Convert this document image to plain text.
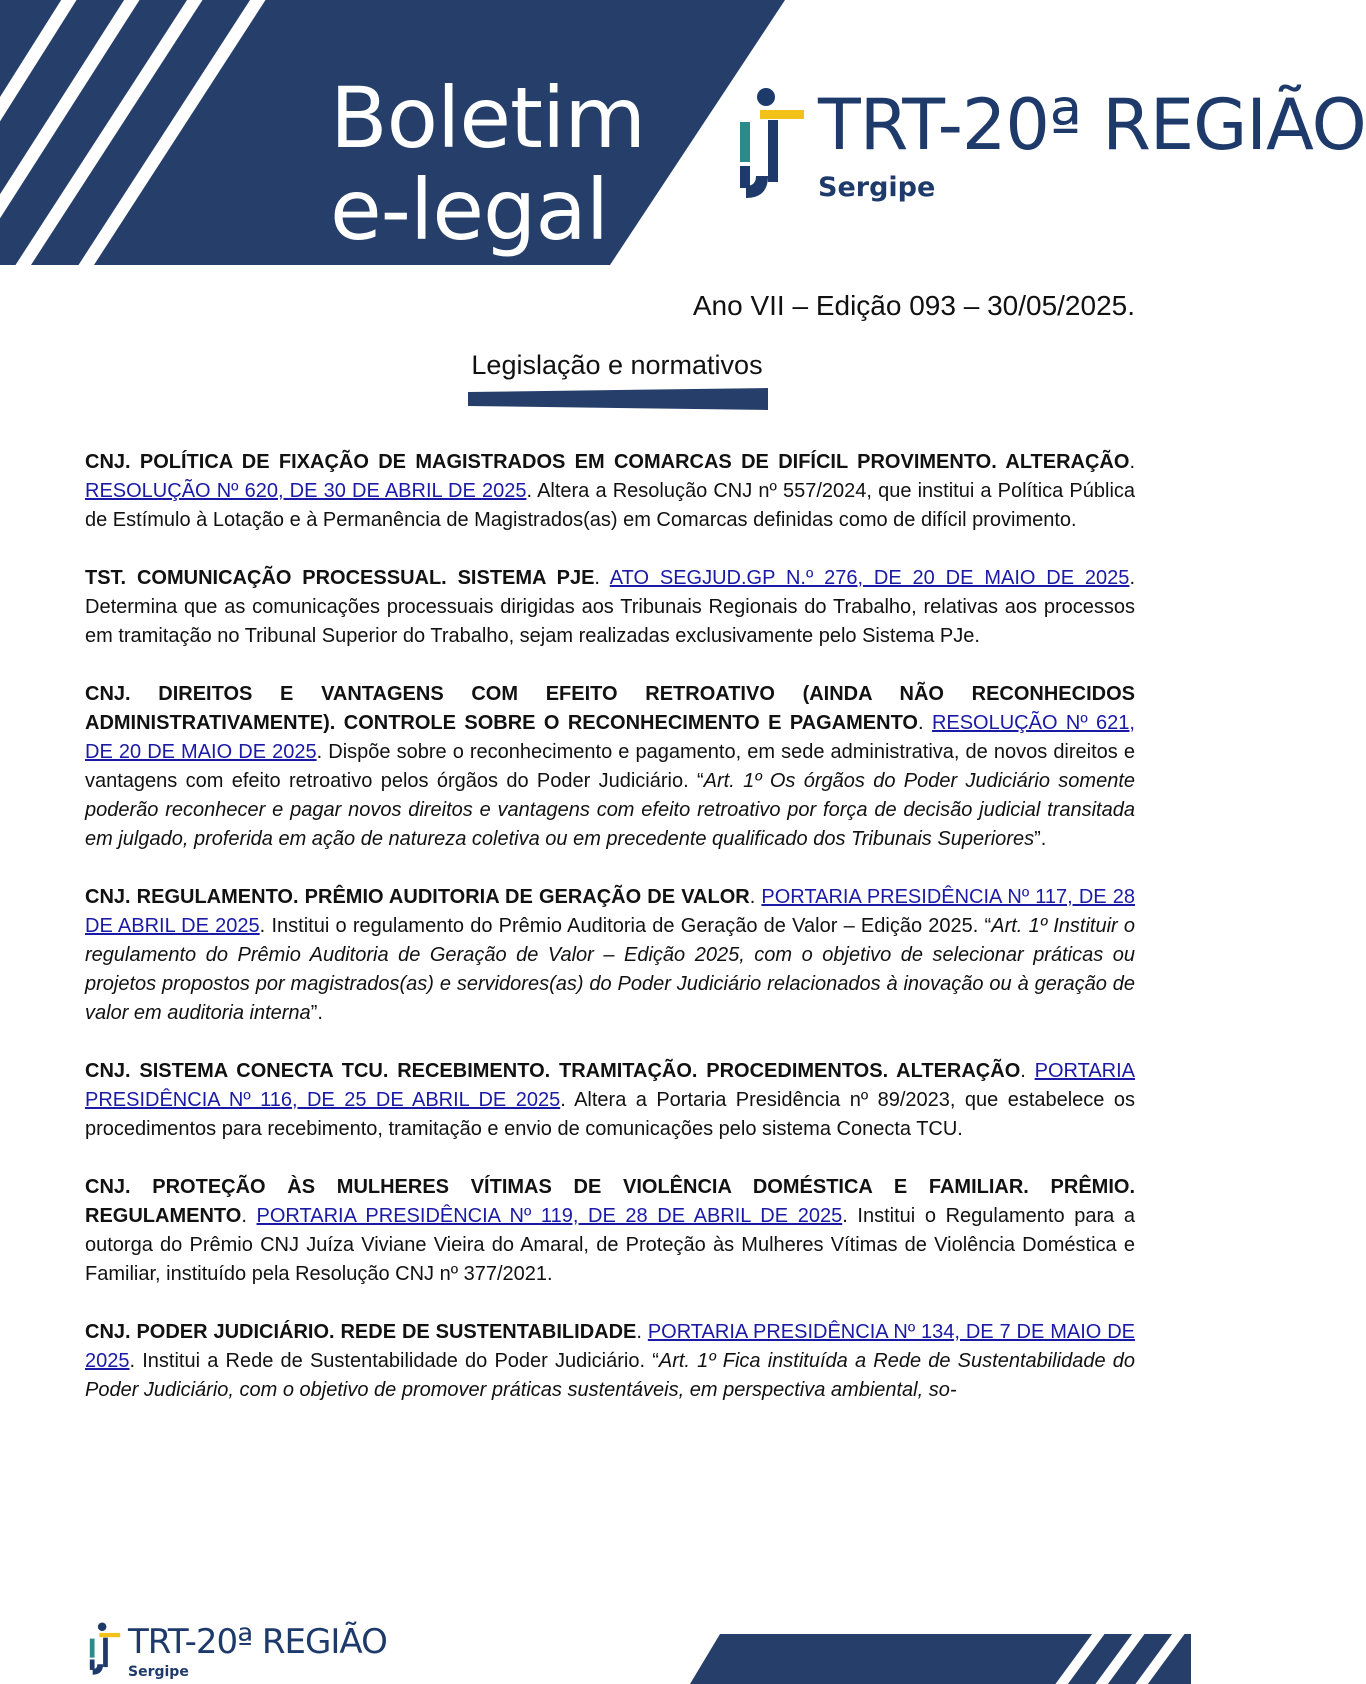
Boletim
e-legal
TRT-20ª REGIÃO
Sergipe
Ano VII – Edição 093 – 30/05/2025.
Legislação e normativos

CNJ. POLÍTICA DE FIXAÇÃO DE MAGISTRADOS EM COMARCAS DE DIFÍCIL PROVIMENTO. ALTERAÇÃO. RESOLUÇÃO Nº 620, DE 30 DE ABRIL DE 2025. Altera a Resolução CNJ nº 557/2024, que institui a Política Pública de Estímulo à Lotação e à Permanência de Magistrados(as) em Comarcas definidas como de difícil provimento.

TST. COMUNICAÇÃO PROCESSUAL. SISTEMA PJE. ATO SEGJUD.GP N.º 276, DE 20 DE MAIO DE 2025. Determina que as comunicações processuais dirigidas aos Tribunais Regionais do Trabalho, relativas aos processos em tramitação no Tribunal Superior do Trabalho, sejam realizadas exclusivamente pelo Sistema PJe.

CNJ. DIREITOS E VANTAGENS COM EFEITO RETROATIVO (AINDA NÃO RECONHECIDOS ADMINISTRATIVAMENTE). CONTROLE SOBRE O RECONHECIMENTO E PAGAMENTO. RESOLUÇÃO Nº 621, DE 20 DE MAIO DE 2025. Dispõe sobre o reconhecimento e pagamento, em sede administrativa, de novos direitos e vantagens com efeito retroativo pelos órgãos do Poder Judiciário. “Art. 1º Os órgãos do Poder Judiciário somente poderão reconhecer e pagar novos direitos e vantagens com efeito retroativo por força de decisão judicial transitada em julgado, proferida em ação de natureza coletiva ou em precedente qualificado dos Tribunais Superiores”.

CNJ. REGULAMENTO. PRÊMIO AUDITORIA DE GERAÇÃO DE VALOR. PORTARIA PRESIDÊNCIA Nº 117, DE 28 DE ABRIL DE 2025. Institui o regulamento do Prêmio Auditoria de Geração de Valor – Edição 2025. “Art. 1º Instituir o regulamento do Prêmio Auditoria de Geração de Valor – Edição 2025, com o objetivo de selecionar práticas ou projetos propostos por magistrados(as) e servidores(as) do Poder Judiciário relacionados à inovação ou à geração de valor em auditoria interna”.

CNJ. SISTEMA CONECTA TCU. RECEBIMENTO. TRAMITAÇÃO. PROCEDIMENTOS. ALTERAÇÃO. PORTARIA PRESIDÊNCIA Nº 116, DE 25 DE ABRIL DE 2025. Altera a Portaria Presidência nº 89/2023, que estabelece os procedimentos para recebimento, tramitação e envio de comunicações pelo sistema Conecta TCU.

CNJ. PROTEÇÃO ÀS MULHERES VÍTIMAS DE VIOLÊNCIA DOMÉSTICA E FAMILIAR. PRÊMIO. REGULAMENTO. PORTARIA PRESIDÊNCIA Nº 119, DE 28 DE ABRIL DE 2025. Institui o Regulamento para a outorga do Prêmio CNJ Juíza Viviane Vieira do Amaral, de Proteção às Mulheres Vítimas de Violência Doméstica e Familiar, instituído pela Resolução CNJ nº 377/2021.

CNJ. PODER JUDICIÁRIO. REDE DE SUSTENTABILIDADE. PORTARIA PRESIDÊNCIA Nº 134, DE 7 DE MAIO DE 2025. Institui a Rede de Sustentabilidade do Poder Judiciário. “Art. 1º Fica instituída a Rede de Sustentabilidade do Poder Judiciário, com o objetivo de promover práticas sustentáveis, em perspectiva ambiental, so-

TRT-20ª REGIÃO
Sergipe
